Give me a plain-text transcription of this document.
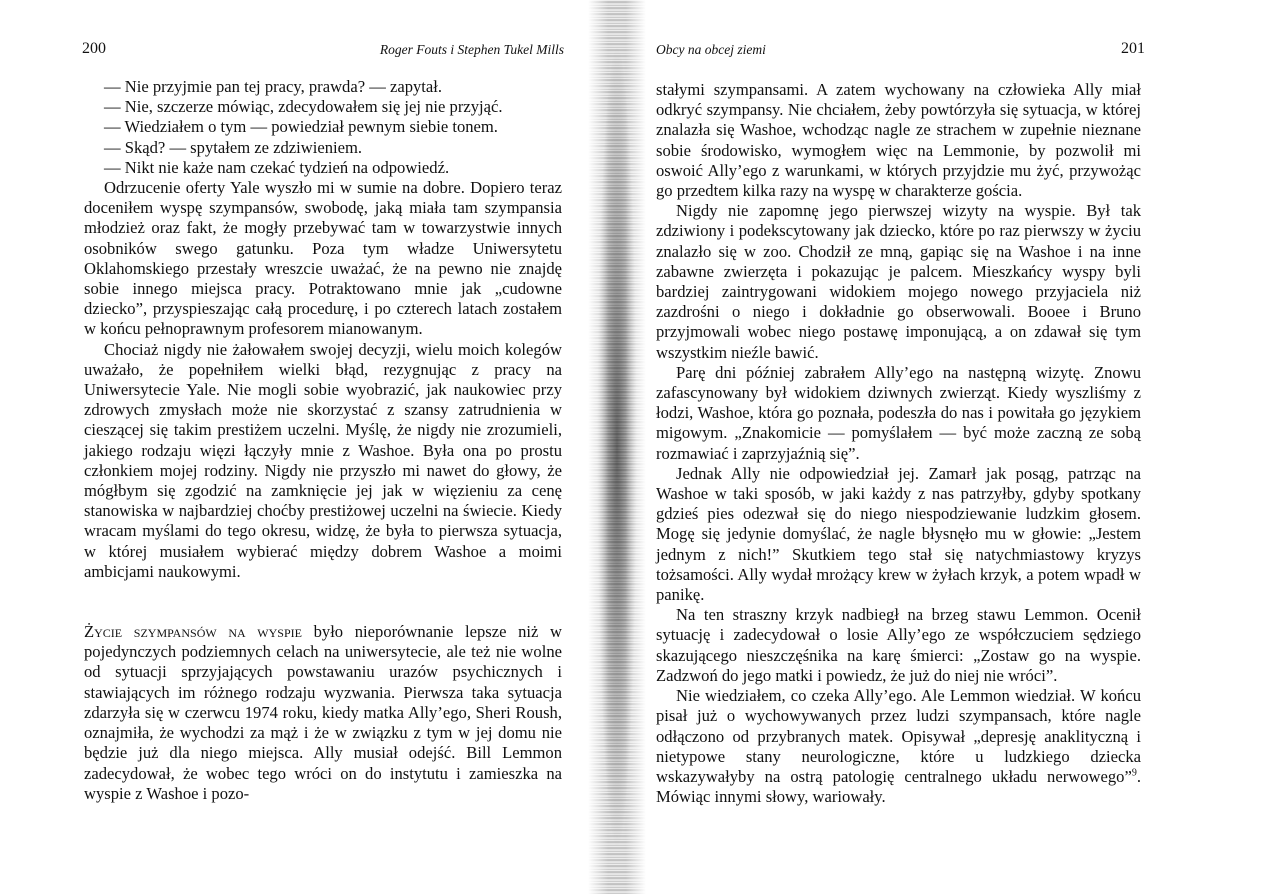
200	Roger Fouts i Stephen Tukel Mills

— Nie przyjmie pan tej pracy, prawda? — zapytał.

— Nie, szczerze mówiąc, zdecydowałem się jej nie przyjąć.

— Wiedziałem o tym — powiedział pewnym siebie tonem.

— Skąd? — spytałem ze zdziwieniem.

— Nikt nie każe nam czekać tydzień na odpowiedź.

Odrzucenie oferty Yale wyszło mi w sumie na dobre. Dopiero teraz doceniłem wyspę szympansów, swobodę, jaką miała tam szympansia młodzież oraz fakt, że mogły przebywać tam w towarzystwie innych osobników swego gatunku. Poza tym władze Uniwersytetu Oklahomskiego przestały wreszcie uważać, że na pewno nie znajdę sobie innego miejsca pracy. Potraktowano mnie jak „cudowne dziecko”, przyspieszając całą procedurę, i po czterech latach zostałem w końcu pełnoprawnym profesorem mianowanym.

Chociaż nigdy nie żałowałem swojej decyzji, wielu moich kolegów uważało, że popełniłem wielki błąd, rezygnując z pracy na Uniwersytecie Yale. Nie mogli sobie wyobrazić, jak naukowiec przy zdrowych zmysłach może nie skorzystać z szansy zatrudnienia w cieszącej się takim prestiżem uczelni. Myślę, że nigdy nie zrozumieli, jakiego rodzaju więzi łączyły mnie z Washoe. Była ona po prostu członkiem mojej rodziny. Nigdy nie przyszło mi nawet do głowy, że mógłbym się zgodzić na zamknięcie jej jak w więzieniu za cenę stanowiska w najbardziej choćby prestiżowej uczelni na świecie. Kiedy wracam myślami do tego okresu, widzę, że była to pierwsza sytuacja, w której musiałem wybierać między dobrem Washoe a moimi ambicjami naukowymi.

Życie szympansów na wyspie było nieporównanie lepsze niż w pojedynczych podziemnych celach na uniwersytecie, ale też nie wolne od sytuacji sprzyjających powstawaniu urazów psychicznych i stawiających im różnego rodzaju wyzwania. Pierwsza taka sytuacja zdarzyła się w czerwcu 1974 roku, kiedy matka Ally’ego, Sheri Roush, oznajmiła, że wychodzi za mąż i że w związku z tym w jej domu nie będzie już dla niego miejsca. Ally musiał odejść. Bill Lemmon zadecydował, że wobec tego wróci on do instytutu i zamieszka na wyspie z Washoe i pozo-

Obcy na obcej ziemi	201

stałymi szympansami. A zatem wychowany na człowieka Ally miał odkryć szympansy. Nie chciałem, żeby powtórzyła się sytuacja, w której znalazła się Washoe, wchodząc nagle ze strachem w zupełnie nieznane sobie środowisko, wymogłem więc na Lemmonie, by pozwolił mi oswoić Ally’ego z warunkami, w których przyjdzie mu żyć, przywożąc go przedtem kilka razy na wyspę w charakterze gościa.

Nigdy nie zapomnę jego pierwszej wizyty na wyspie. Był tak zdziwiony i podekscytowany jak dziecko, które po raz pierwszy w życiu znalazło się w zoo. Chodził ze mną, gapiąc się na Washoe i na inne zabawne zwierzęta i pokazując je palcem. Mieszkańcy wyspy byli bardziej zaintrygowani widokiem mojego nowego przyjaciela niż zazdrośni o niego i dokładnie go obserwowali. Booee i Bruno przyjmowali wobec niego postawę imponującą, a on zdawał się tym wszystkim nieźle bawić.

Parę dni później zabrałem Ally’ego na następną wizytę. Znowu zafascynowany był widokiem dziwnych zwierząt. Kiedy wyszliśmy z łodzi, Washoe, która go poznała, podeszła do nas i powitała go językiem migowym. „Znakomicie — pomyślałem — być może zaczną ze sobą rozmawiać i zaprzyjaźnią się”.

Jednak Ally nie odpowiedział jej. Zamarł jak posąg, patrząc na Washoe w taki sposób, w jaki każdy z nas patrzyłby, gdyby spotkany gdzieś pies odezwał się do niego niespodziewanie ludzkim głosem. Mogę się jedynie domyślać, że nagle błysnęło mu w głowie: „Jestem jednym z nich!” Skutkiem tego stał się natychmiastowy kryzys tożsamości. Ally wydał mrożący krew w żyłach krzyk, a potem wpadł w panikę.

Na ten straszny krzyk nadbiegł na brzeg stawu Lemmon. Ocenił sytuację i zadecydował o losie Ally’ego ze współczuciem sędziego skazującego nieszczęśnika na karę śmierci: „Zostaw go na wyspie. Zadzwoń do jego matki i powiedz, że już do niej nie wróci”.

Nie wiedziałem, co czeka Ally’ego. Ale Lemmon wiedział. W końcu pisał już o wychowywanych przez ludzi szympansach, które nagle odłączono od przybranych matek. Opisywał „depresję anaklityczną i nietypowe stany neurologiczne, które u ludzkiego dziecka wskazywałyby na ostrą patologię centralnego układu nerwowego”$^9$. Mówiąc innymi słowy, wariowały.
